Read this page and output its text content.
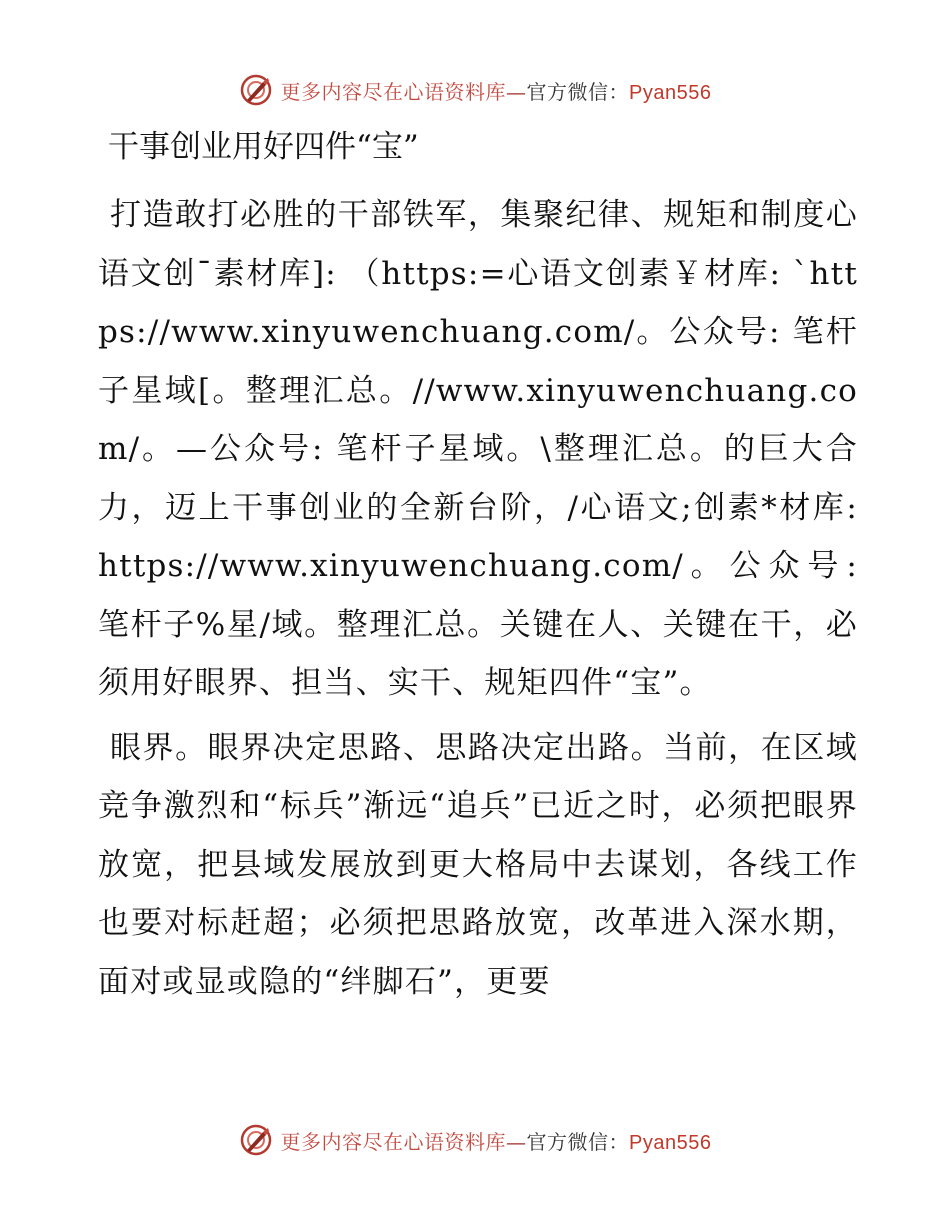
更多内容尽在心语资料库—官方微信：Pyan556
干事创业用好四件“宝”

打造敢打必胜的干部铁军，集聚纪律、规矩和制度心语文创¯素材库]: （https:=心语文创素￥材库: `https://www.xinyuwenchuang.com/。公众号: 笔杆子星域[。整理汇总。//www.xinyuwenchuang.com/。—公众号: 笔杆子星域。\整理汇总。的巨大合力，迈上干事创业的全新台阶，/心语文;创素*材库: https://www.xinyuwenchuang.com/。公众号: 笔杆子%星/域。整理汇总。关键在人、关键在干，必须用好眼界、担当、实干、规矩四件“宝”。

眼界。眼界决定思路、思路决定出路。当前，在区域竞争激烈和“标兵”渐远“追兵”已近之时，必须把眼界放宽，把县域发展放到更大格局中去谋划，各线工作也要对标赶超；必须把思路放宽，改革进入深水期，面对或显或隐的“绊脚石”，更要

更多内容尽在心语资料库—官方微信：Pyan556
